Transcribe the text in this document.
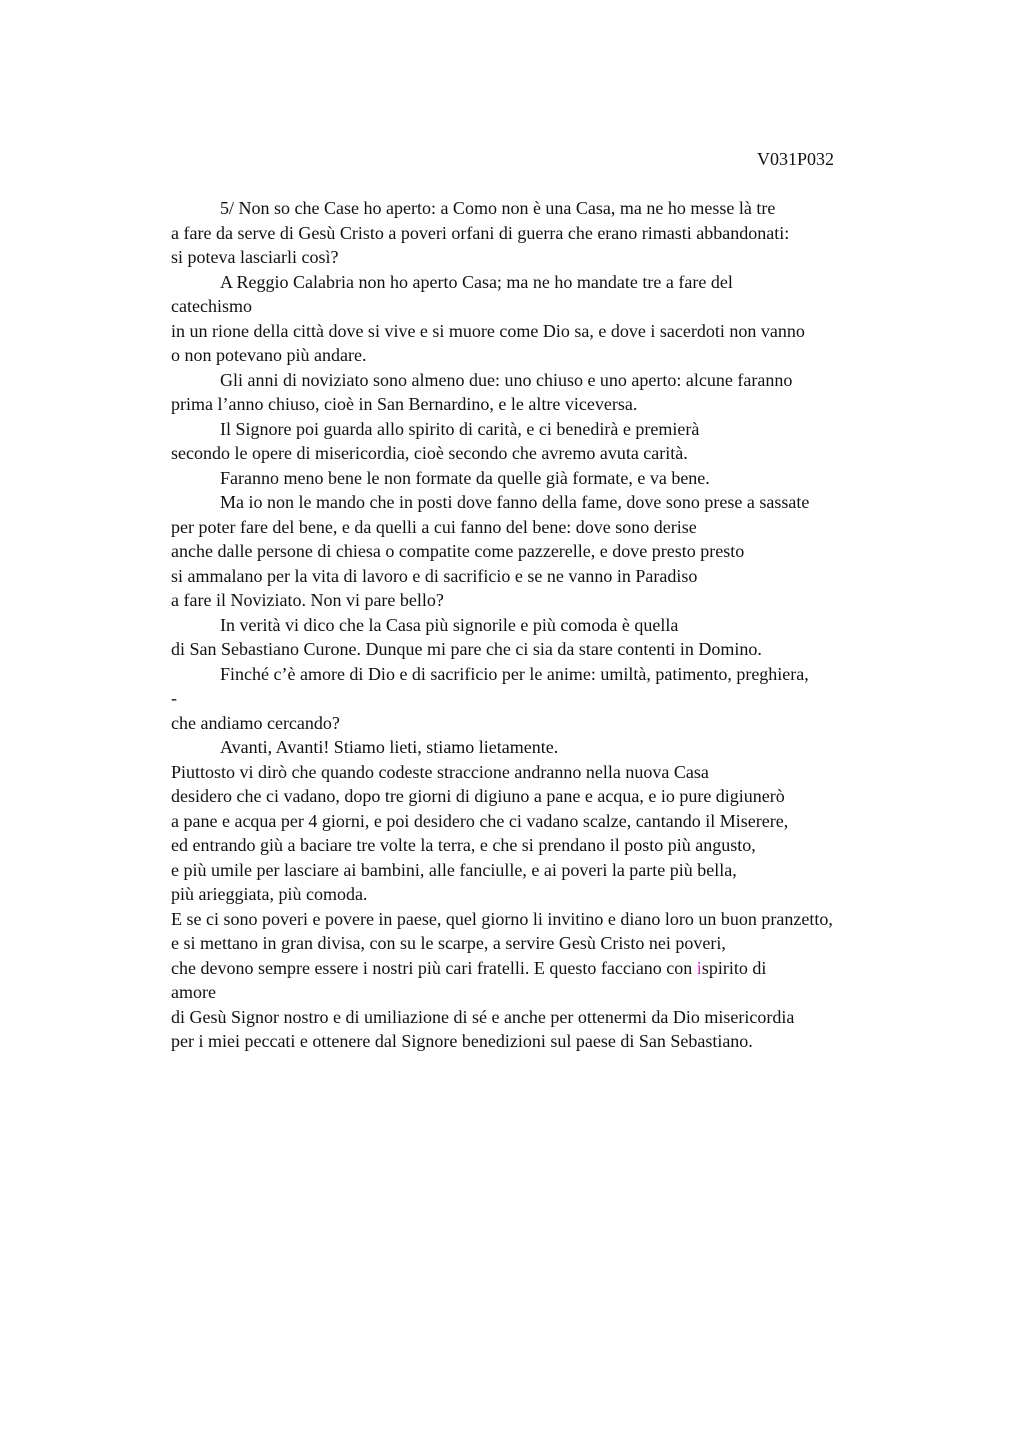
V031P032
5/ Non so che Case ho aperto: a Como non è una Casa, ma ne ho messe là tre
a fare da serve di Gesù Cristo a poveri orfani di guerra che erano rimasti abbandonati:
si poteva lasciarli così?
A Reggio Calabria non ho aperto Casa; ma ne ho mandate tre a fare del
catechismo
in un rione della città dove si vive e si muore come Dio sa, e dove i sacerdoti non vanno
o non potevano più andare.
Gli anni di noviziato sono almeno due: uno chiuso e uno aperto: alcune faranno
prima l’anno chiuso, cioè in San Bernardino, e le altre viceversa.
Il Signore poi guarda allo spirito di carità, e ci benedirà e premierà
secondo le opere di misericordia, cioè secondo che avremo avuta carità.
Faranno meno bene le non formate da quelle già formate, e va bene.
Ma io non le mando che in posti dove fanno della fame, dove sono prese a sassate
per poter fare del bene, e da quelli a cui fanno del bene: dove sono derise
anche dalle persone di chiesa o compatite come pazzerelle, e dove presto presto
si ammalano per la vita di lavoro e di sacrificio e se ne vanno in Paradiso
a fare il Noviziato. Non vi pare bello?
In verità vi dico che la Casa più signorile e più comoda è quella
di San Sebastiano Curone. Dunque mi pare che ci sia da stare contenti in Domino.
Finché c’è amore di Dio e di sacrificio per le anime: umiltà, patimento, preghiera,
-
che andiamo cercando?
Avanti, Avanti! Stiamo lieti, stiamo lietamente.
Piuttosto vi dirò che quando codeste straccione andranno nella nuova Casa
desidero che ci vadano, dopo tre giorni di digiuno a pane e acqua, e io pure digiunerò
a pane e acqua per 4 giorni, e poi desidero che ci vadano scalze, cantando il Miserere,
ed entrando giù a baciare tre volte la terra, e che si prendano il posto più angusto,
e più umile per lasciare ai bambini, alle fanciulle, e ai poveri la parte più bella,
più arieggiata, più comoda.
E se ci sono poveri e povere in paese, quel giorno li invitino e diano loro un buon pranzetto,
e si mettano in gran divisa, con su le scarpe, a servire Gesù Cristo nei poveri,
che devono sempre essere i nostri più cari fratelli. E questo facciano con ispirito di
amore
di Gesù Signor nostro e di umiliazione di sé e anche per ottenermi da Dio misericordia
per i miei peccati e ottenere dal Signore benedizioni sul paese di San Sebastiano.
